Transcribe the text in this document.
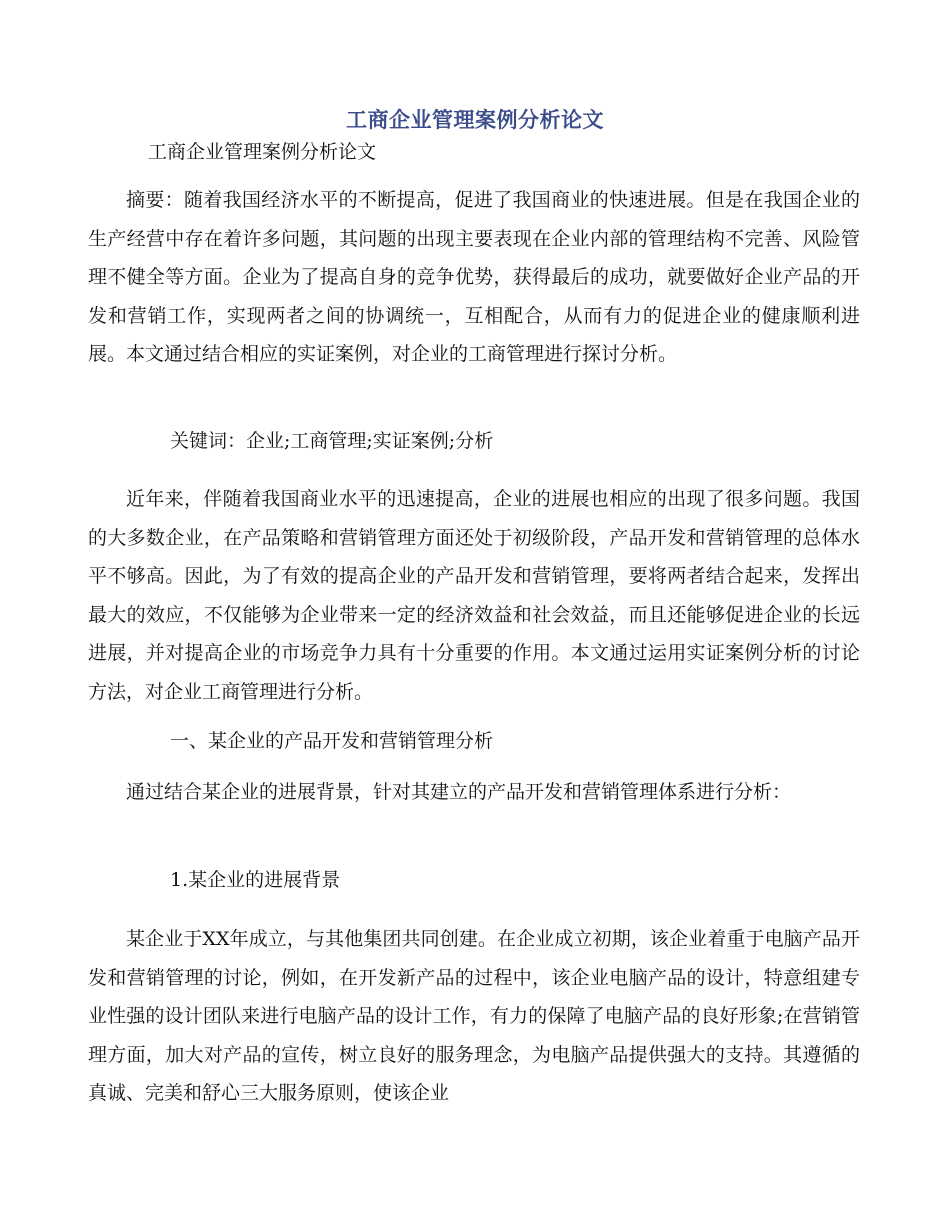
工商企业管理案例分析论文

工商企业管理案例分析论文

摘要：随着我国经济水平的不断提高，促进了我国商业的快速进展。但是在我国企业的生产经营中存在着许多问题，其问题的出现主要表现在企业内部的管理结构不完善、风险管理不健全等方面。企业为了提高自身的竞争优势，获得最后的成功，就要做好企业产品的开发和营销工作，实现两者之间的协调统一，互相配合，从而有力的促进企业的健康顺利进展。本文通过结合相应的实证案例，对企业的工商管理进行探讨分析。

关键词：企业;工商管理;实证案例;分析

近年来，伴随着我国商业水平的迅速提高，企业的进展也相应的出现了很多问题。我国的大多数企业，在产品策略和营销管理方面还处于初级阶段，产品开发和营销管理的总体水平不够高。因此，为了有效的提高企业的产品开发和营销管理，要将两者结合起来，发挥出最大的效应，不仅能够为企业带来一定的经济效益和社会效益，而且还能够促进企业的长远进展，并对提高企业的市场竞争力具有十分重要的作用。本文通过运用实证案例分析的讨论方法，对企业工商管理进行分析。

一、某企业的产品开发和营销管理分析

通过结合某企业的进展背景，针对其建立的产品开发和营销管理体系进行分析：

1.某企业的进展背景

某企业于XX年成立，与其他集团共同创建。在企业成立初期，该企业着重于电脑产品开发和营销管理的讨论，例如，在开发新产品的过程中，该企业电脑产品的设计，特意组建专业性强的设计团队来进行电脑产品的设计工作，有力的保障了电脑产品的良好形象;在营销管理方面，加大对产品的宣传，树立良好的服务理念，为电脑产品提供强大的支持。其遵循的真诚、完美和舒心三大服务原则，使该企业
